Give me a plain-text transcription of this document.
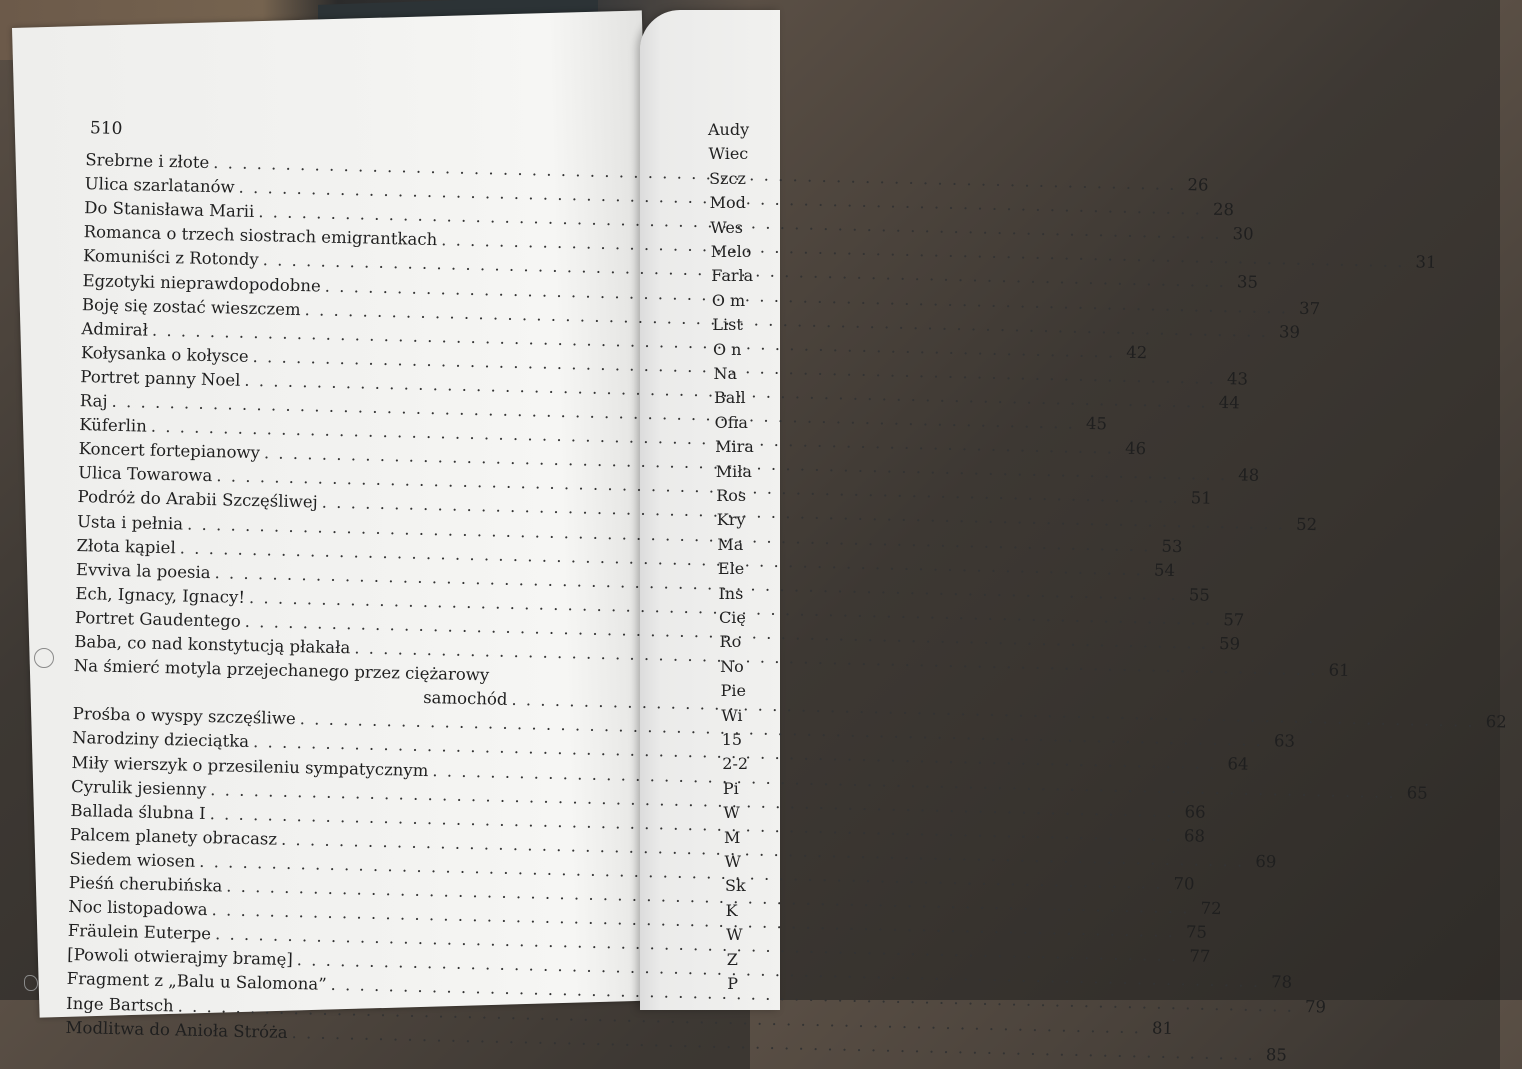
Audy
Wiec
Szcz
Mod
Wes
Melo
Farla
O m
List
O n
Na
Ball
Ofia
Mira
Miła
Ros
Kry
Ma
Ele
Ins
Cię
Ro
No
Pie
Wi
15
2-2
Pi
W
M
W
Sk
K
W
Z
P
510
Srebrne i złote
. . .
26
Ulica szarlatanów
. . .
28
Do Stanisława Marii
. . .
30
Romanca o trzech siostrach emigrantkach
. . .
31
Komuniści z Rotondy
. . .
35
Egzotyki nieprawdopodobne
. . .
37
Boję się zostać wieszczem
. . .
39
Admirał
. . .
42
Kołysanka o kołysce
. . .
43
Portret panny Noel
. . .
44
Raj
. . .
45
Küferlin
. . .
46
Koncert fortepianowy
. . .
48
Ulica Towarowa
. . .
51
Podróż do Arabii Szczęśliwej
. . .
52
Usta i pełnia
. . .
53
Złota kąpiel
. . .
54
Evviva la poesia
. . .
55
Ech, Ignacy, Ignacy!
. . .
57
Portret Gaudentego
. . .
59
Baba, co nad konstytucją płakała
. . .
61
Na śmierć motyla przejechanego przez ciężarowy
samochód
. . .
62
Prośba o wyspy szczęśliwe
. . .
63
Narodziny dzieciątka
. . .
64
Miły wierszyk o przesileniu sympatycznym
. . .
65
Cyrulik jesienny
. . .
66
Ballada ślubna I
. . .
68
Palcem planety obracasz
. . .
69
Siedem wiosen
. . .
70
Pieśń cherubińska
. . .
72
Noc listopadowa
. . .
75
Fräulein Euterpe
. . .
77
[Powoli otwierajmy bramę]
. . .
78
Fragment z „Balu u Salomona”
. . .
79
Inge Bartsch
. . .
81
Modlitwa do Anioła Stróża
. . .
85
